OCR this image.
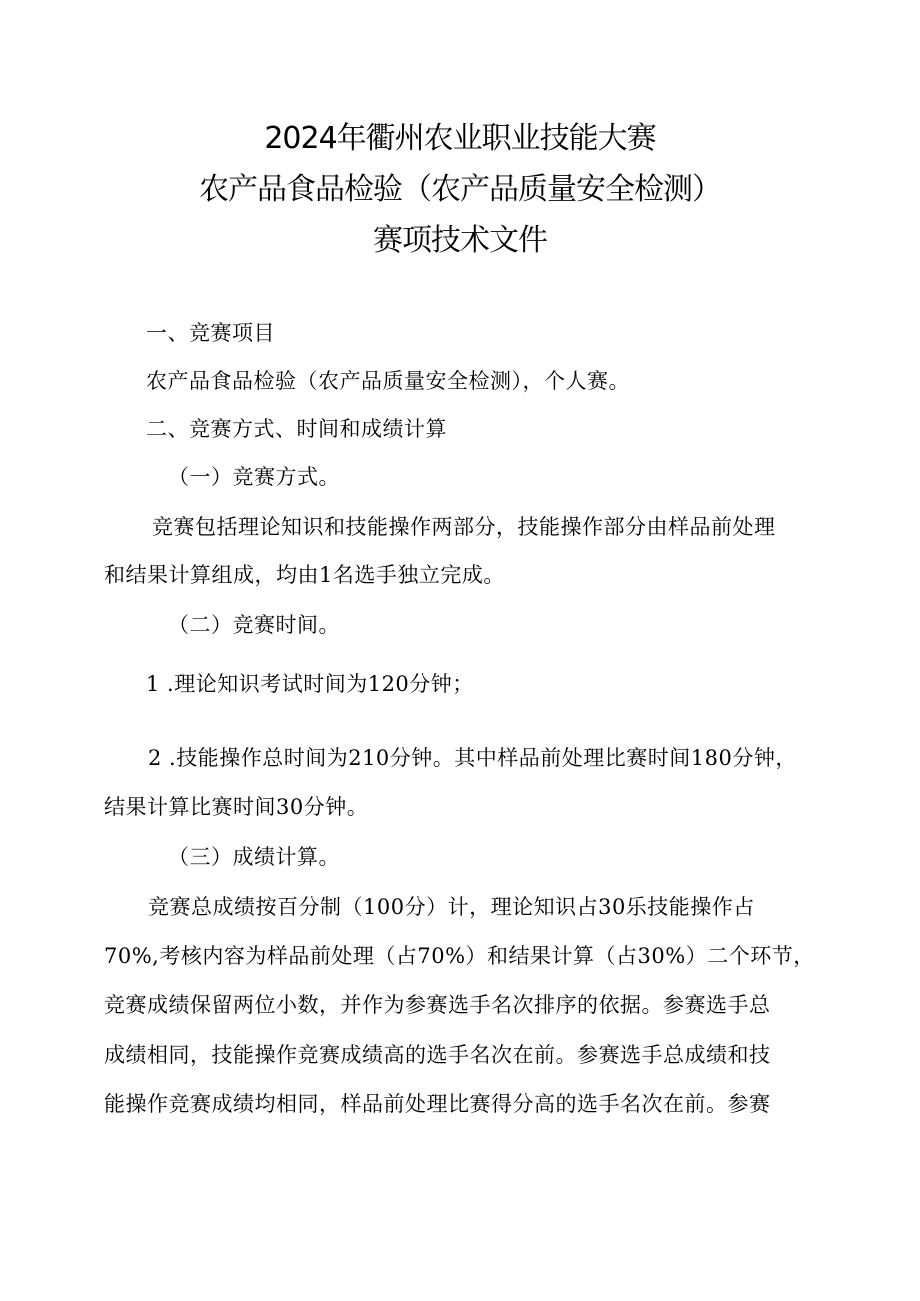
2024年衢州农业职业技能大赛
农产品食品检验（农产品质量安全检测）
赛项技术文件
一、竞赛项目
农产品食品检验（农产品质量安全检测），个人赛。
二、竞赛方式、时间和成绩计算
（一）竞赛方式。
竞赛包括理论知识和技能操作两部分，技能操作部分由样品前处理
和结果计算组成，均由1名选手独立完成。
（二）竞赛时间。
1 .理论知识考试时间为120分钟；
2 .技能操作总时间为210分钟。其中样品前处理比赛时间180分钟，
结果计算比赛时间30分钟。
（三）成绩计算。
竞赛总成绩按百分制（100分）计，理论知识占30乐技能操作占
70%,考核内容为样品前处理（占70%）和结果计算（占30%）二个环节，
竞赛成绩保留两位小数，并作为参赛选手名次排序的依据。参赛选手总
成绩相同，技能操作竞赛成绩高的选手名次在前。参赛选手总成绩和技
能操作竞赛成绩均相同，样品前处理比赛得分高的选手名次在前。参赛
